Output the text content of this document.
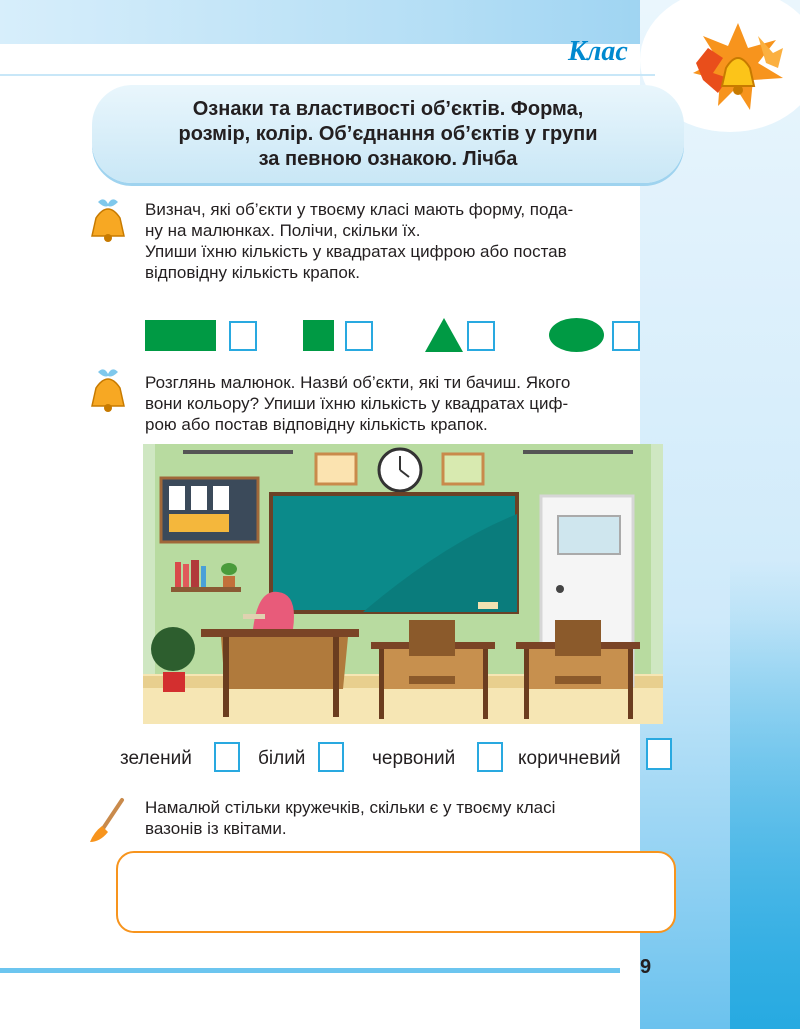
Клас
Ознаки та властивості об’єктів. Форма,
розмір, колір. Об’єднання об’єктів у групи
за певною ознакою. Лічба
Визнач, які об’єкти у твоєму класі мають форму, пода-
ну на малюнках. Полічи, скільки їх.
Упиши їхню кількість у квадратах цифрою або постав
відповідну кількість крапок.
Розглянь малюнок. Назви́ об’єкти, які ти бачиш. Якого
вони кольору? Упиши їхню кількість у квадратах циф-
рою або постав відповідну кількість крапок.
зелений	білий	червоний	коричневий
Намалюй стільки кружечків, скільки є у твоєму класі
вазонів із квітами.
9
